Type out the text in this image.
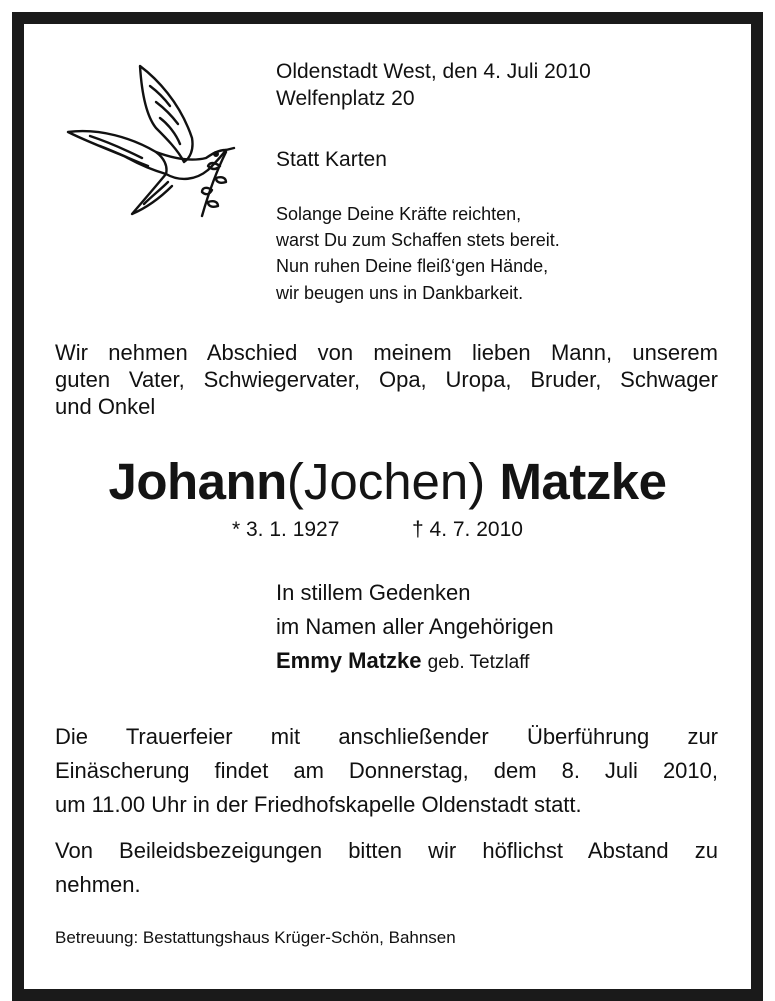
Oldenstadt West, den 4. Juli 2010
Welfenplatz 20
Statt Karten
Solange Deine Kräfte reichten,
warst Du zum Schaffen stets bereit.
Nun ruhen Deine fleiß‘gen Hände,
wir beugen uns in Dankbarkeit.
Wir nehmen Abschied von meinem lieben Mann, unserem
guten Vater, Schwiegervater, Opa, Uropa, Bruder, Schwager
und Onkel
Johann(Jochen) Matzke
* 3. 1. 1927	† 4. 7. 2010
In stillem Gedenken
im Namen aller Angehörigen
Emmy Matzke geb. Tetzlaff
Die Trauerfeier mit anschließender Überführung zur
Einäscherung findet am Donnerstag, dem 8. Juli 2010,
um 11.00 Uhr in der Friedhofskapelle Oldenstadt statt.
Von Beileidsbezeigungen bitten wir höflichst Abstand zu
nehmen.
Betreuung: Bestattungshaus Krüger-Schön, Bahnsen
